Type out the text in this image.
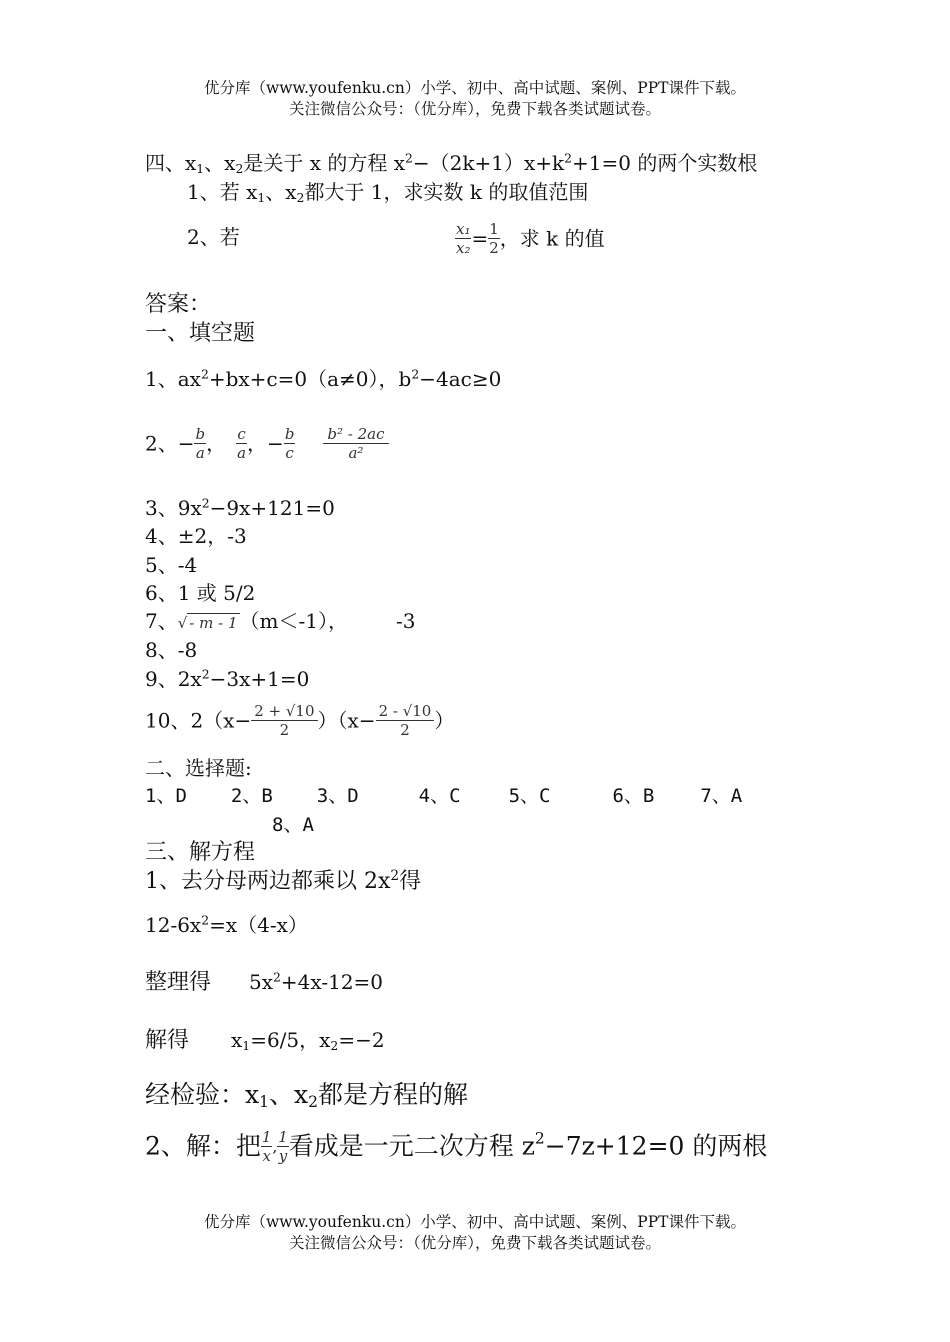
优分库（www.youfenku.cn）小学、初中、高中试题、案例、PPT课件下载。
关注微信公众号：（优分库），免费下载各类试题试卷。
四、$x_1$、$x_2$是关于 x 的方程 $x^2-(2k+1)x+k^2+1=0$ 的两个实数根
1、若 $x_1$、$x_2$都大于 1，求实数 k 的取值范围
2、若	$\frac{\text{x₁}}{\text{x₂}} = \frac{1}{2}$ ，求 k 的值
答案：
一、填空题
1、$ax^2+bx+c=0(a\ne 0)$，$b^2-4ac\ge 0$
2、− $\frac{b}{a}$ ， $\frac{c}{a}$ ，− $\frac{b}{c} \frac{\text{b² - 2ac}}{\text{a²}}$
3、$9x^2-9x+121=0$
4、±2，-3
5、-4
6、1 或 5/2
7、√ - m - 1 （m＜-1）， -3
8、-8
9、$2x^2-3x+1=0$
10、$2(x- \frac{2 + √10}{2} )(x- \frac{2 - √10}{2}$ ）
二、选择题:
1、D 2、B 3、D	4、C	5、C	6、B 7、A
8、A
三、解方程
1、去分母两边都乘以 $2x^2$得
$12-6x^2=x(4-x)$
整理得 $5x^2+4x-12=0$
解得 $x_1=6/5$，$x_2=-2$
经检验：$x_1$、$x_2$都是方程的解
2、解：把 $\frac{1}{x}$ , $\frac{1}{y}$ 看成是一元二次方程 $z^2-7z+12=0$ 的两根
优分库（www.youfenku.cn）小学、初中、高中试题、案例、PPT课件下载。
关注微信公众号：（优分库），免费下载各类试题试卷。
